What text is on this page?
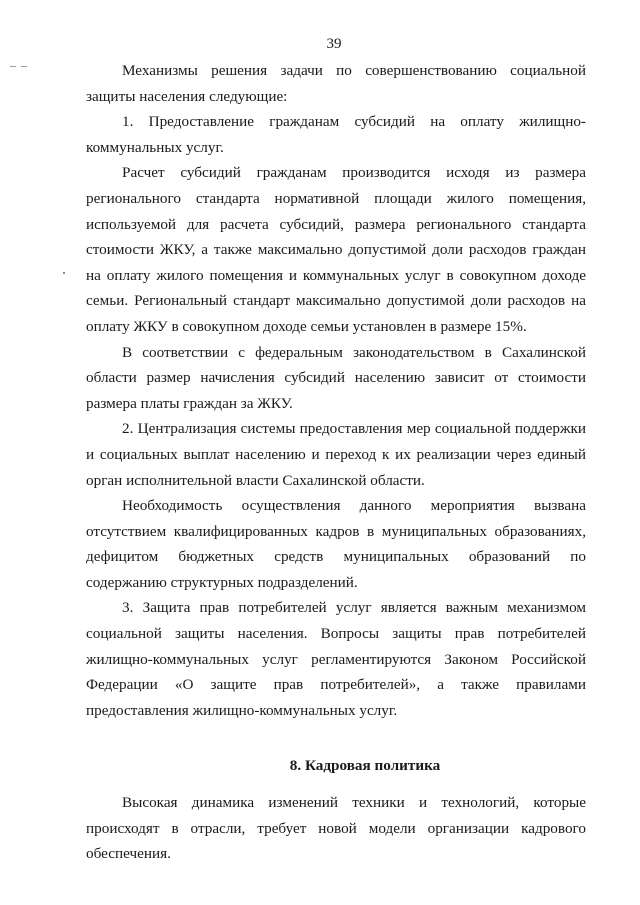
39
– –	Механизмы решения задачи по совершенствованию социальной защиты населения следующие:

1. Предоставление гражданам субсидий на оплату жилищно-коммунальных услуг.

Расчет субсидий гражданам производится исходя из размера регионального стандарта нормативной площади жилого помещения, используемой для расчета субсидий, размера регионального стандарта стоимости ЖКУ, а также максимально допустимой доли расходов граждан на оплату жилого помещения и коммунальных услуг в совокупном доходе семьи. Региональный стандарт максимально допустимой доли расходов на оплату ЖКУ в совокупном доходе семьи установлен в размере 15%.

В соответствии с федеральным законодательством в Сахалинской области размер начисления субсидий населению зависит от стоимости размера платы граждан за ЖКУ.

2. Централизация системы предоставления мер социальной поддержки и социальных выплат населению и переход к их реализации через единый орган исполнительной власти Сахалинской области.

Необходимость осуществления данного мероприятия вызвана отсутствием квалифицированных кадров в муниципальных образованиях, дефицитом бюджетных средств муниципальных образований по содержанию структурных подразделений.

3. Защита прав потребителей услуг является важным механизмом социальной защиты населения. Вопросы защиты прав потребителей жилищно-коммунальных услуг регламентируются Законом Российской Федерации «О защите прав потребителей», а также правилами предоставления жилищно-коммунальных услуг.

8. Кадровая политика

Высокая динамика изменений техники и технологий, которые происходят в отрасли, требует новой модели организации кадрового обеспечения.
